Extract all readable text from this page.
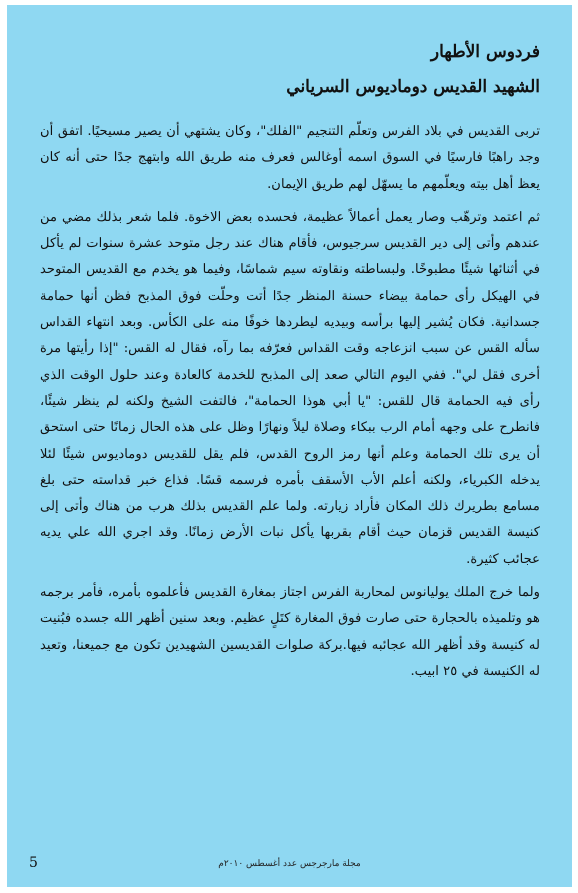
فردوس الأطهار
الشهيد القديس دوماديوس السرياني

تربى القديس في بلاد الفرس وتعلّم التنجيم "الفلك"، وكان يشتهي أن يصير مسيحيًا. اتفق أن وجد راهبًا فارسيًا في السوق اسمه أوغالس فعرف منه طريق الله وابتهج جدًا حتى أنه كان يعظ أهل بيته ويعلّمهم ما يسهّل لهم طريق الإيمان.

ثم اعتمد وترهّب وصار يعمل أعمالاً عظيمة، فحسده بعض الاخوة. فلما شعر بذلك مضي من عندهم وأتى إلى دير القديس سرجيوس، فأقام هناك عند رجل متوحد عشرة سنوات لم يأكل في أثنائها شيئًا مطبوخًا. ولبساطته ونقاوته سيم شماسًا، وفيما هو يخدم مع القديس المتوحد في الهيكل رأى حمامة بيضاء حسنة المنظر جدًا أتت وحلّت فوق المذبح فظن أنها حمامة جسدانية. فكان يُشير إليها برأسه وبيديه ليطردها خوفًا منه على الكأس. وبعد انتهاء القداس سأله القس عن سبب انزعاجه وقت القداس فعرّفه بما رآه، فقال له القس: "إذا رأيتها مرة أخرى فقل لي". ففي اليوم التالي صعد إلى المذبح للخدمة كالعادة وعند حلول الوقت الذي رأى فيه الحمامة قال للقس: "يا أبي هوذا الحمامة"، فالتفت الشيخ ولكنه لم ينظر شيئًا، فانطرح على وجهه أمام الرب ببكاء وصلاة ليلاً ونهارًا وظل على هذه الحال زمانًا حتى استحق أن يرى تلك الحمامة وعلم أنها رمز الروح القدس، فلم يقل للقديس دوماديوس شيئًا لئلا يدخله الكبرياء، ولكنه أعلم الأب الأسقف بأمره فرسمه قسًا. فذاع خبر قداسته حتى بلغ مسامع بطريرك ذلك المكان فأراد زيارته. ولما علم القديس بذلك هرب من هناك وأتى إلى كنيسة القديس قزمان حيث أقام بقربها يأكل نبات الأرض زمانًا. وقد اجري الله علي يديه عجائب كثيرة.

ولما خرج الملك يوليانوس لمحاربة الفرس اجتاز بمغارة القديس فأعلموه بأمره، فأمر برجمه هو وتلميذه بالحجارة حتى صارت فوق المغارة كتَلٍ عظيم. وبعد سنين أظهر الله جسده فبُنيت له كنيسة وقد أظهر الله عجائبه فيها.بركة صلوات القديسين الشهيدين تكون مع جميعنا، وتعيد له الكنيسة في ٢٥ ابيب.

مجلة مارجرجس عدد أغسطس ٢٠١٠م
5
